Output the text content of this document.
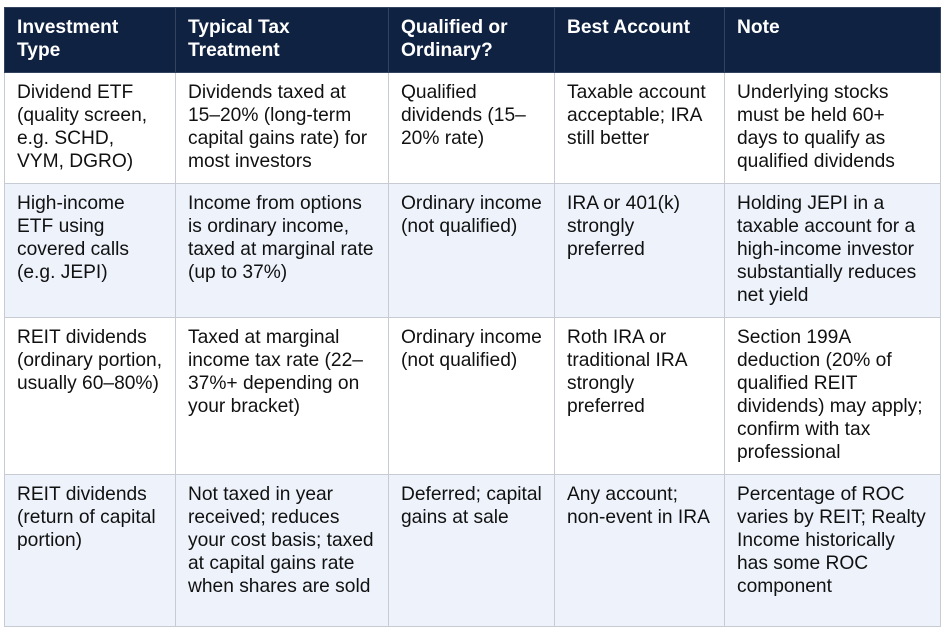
Investment Type	Typical Tax Treatment	Qualified or Ordinary?	Best Account	Note
Dividend ETF (quality screen, e.g. SCHD, VYM, DGRO)	Dividends taxed at 15–20% (long-term capital gains rate) for most investors	Qualified dividends (15–20% rate)	Taxable account acceptable; IRA still better	Underlying stocks must be held 60+ days to qualify as qualified dividends
High-income ETF using covered calls (e.g. JEPI)	Income from options is ordinary income, taxed at marginal rate (up to 37%)	Ordinary income (not qualified)	IRA or 401(k) strongly preferred	Holding JEPI in a taxable account for a high-income investor substantially reduces net yield
REIT dividends (ordinary portion, usually 60–80%)	Taxed at marginal income tax rate (22–37%+ depending on your bracket)	Ordinary income (not qualified)	Roth IRA or traditional IRA strongly preferred	Section 199A deduction (20% of qualified REIT dividends) may apply; confirm with tax professional
REIT dividends (return of capital portion)	Not taxed in year received; reduces your cost basis; taxed at capital gains rate when shares are sold	Deferred; capital gains at sale	Any account; non-event in IRA	Percentage of ROC varies by REIT; Realty Income historically has some ROC component
